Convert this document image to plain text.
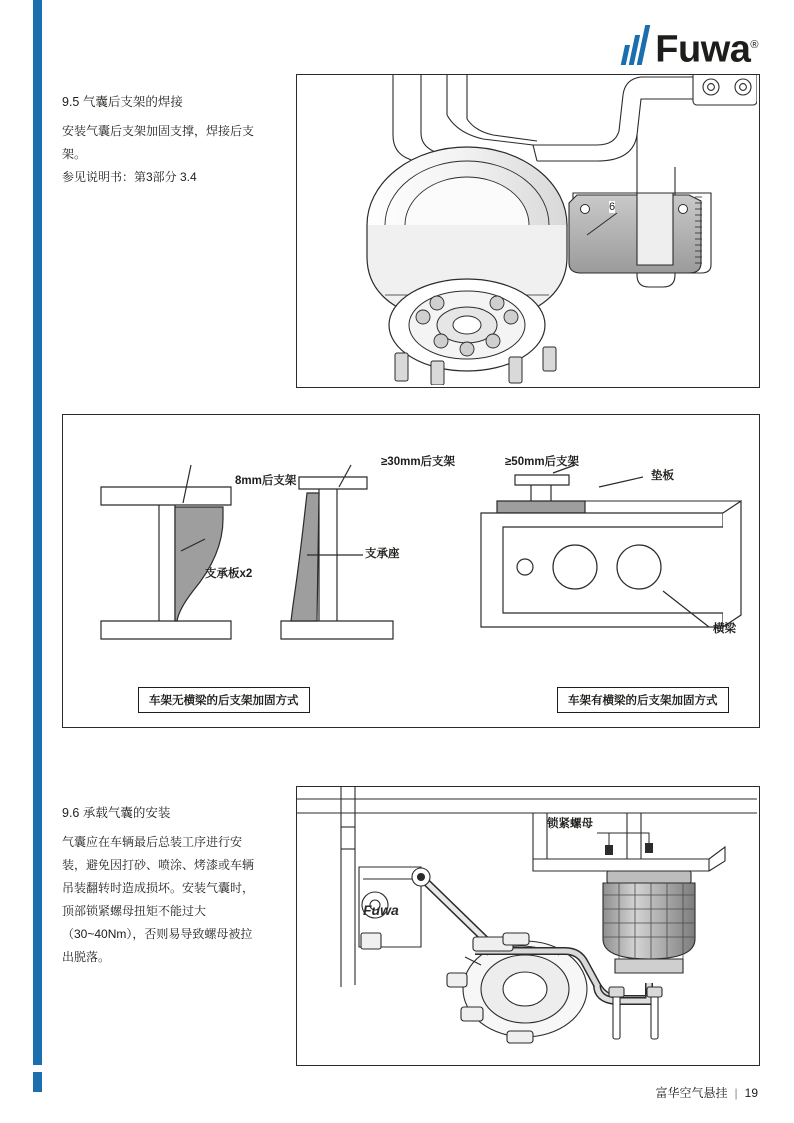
Fuwa®
9.5 气囊后支架的焊接
安装气囊后支架加固支撑，焊接后支架。
参见说明书：第3部分 3.4
6
8mm后支架
支承板x2
≥30mm后支架
支承座
≥50mm后支架
垫板
横梁
车架无横梁的后支架加固方式	车架有横梁的后支架加固方式
9.6 承载气囊的安装
气囊应在车辆最后总装工序进行安装，避免因打砂、喷涂、烤漆或车辆吊装翻转时造成损坏。安装气囊时，顶部锁紧螺母扭矩不能过大（30~40Nm），否则易导致螺母被拉出脱落。
Fuwa
锁紧螺母
富华空气悬挂 | 19
